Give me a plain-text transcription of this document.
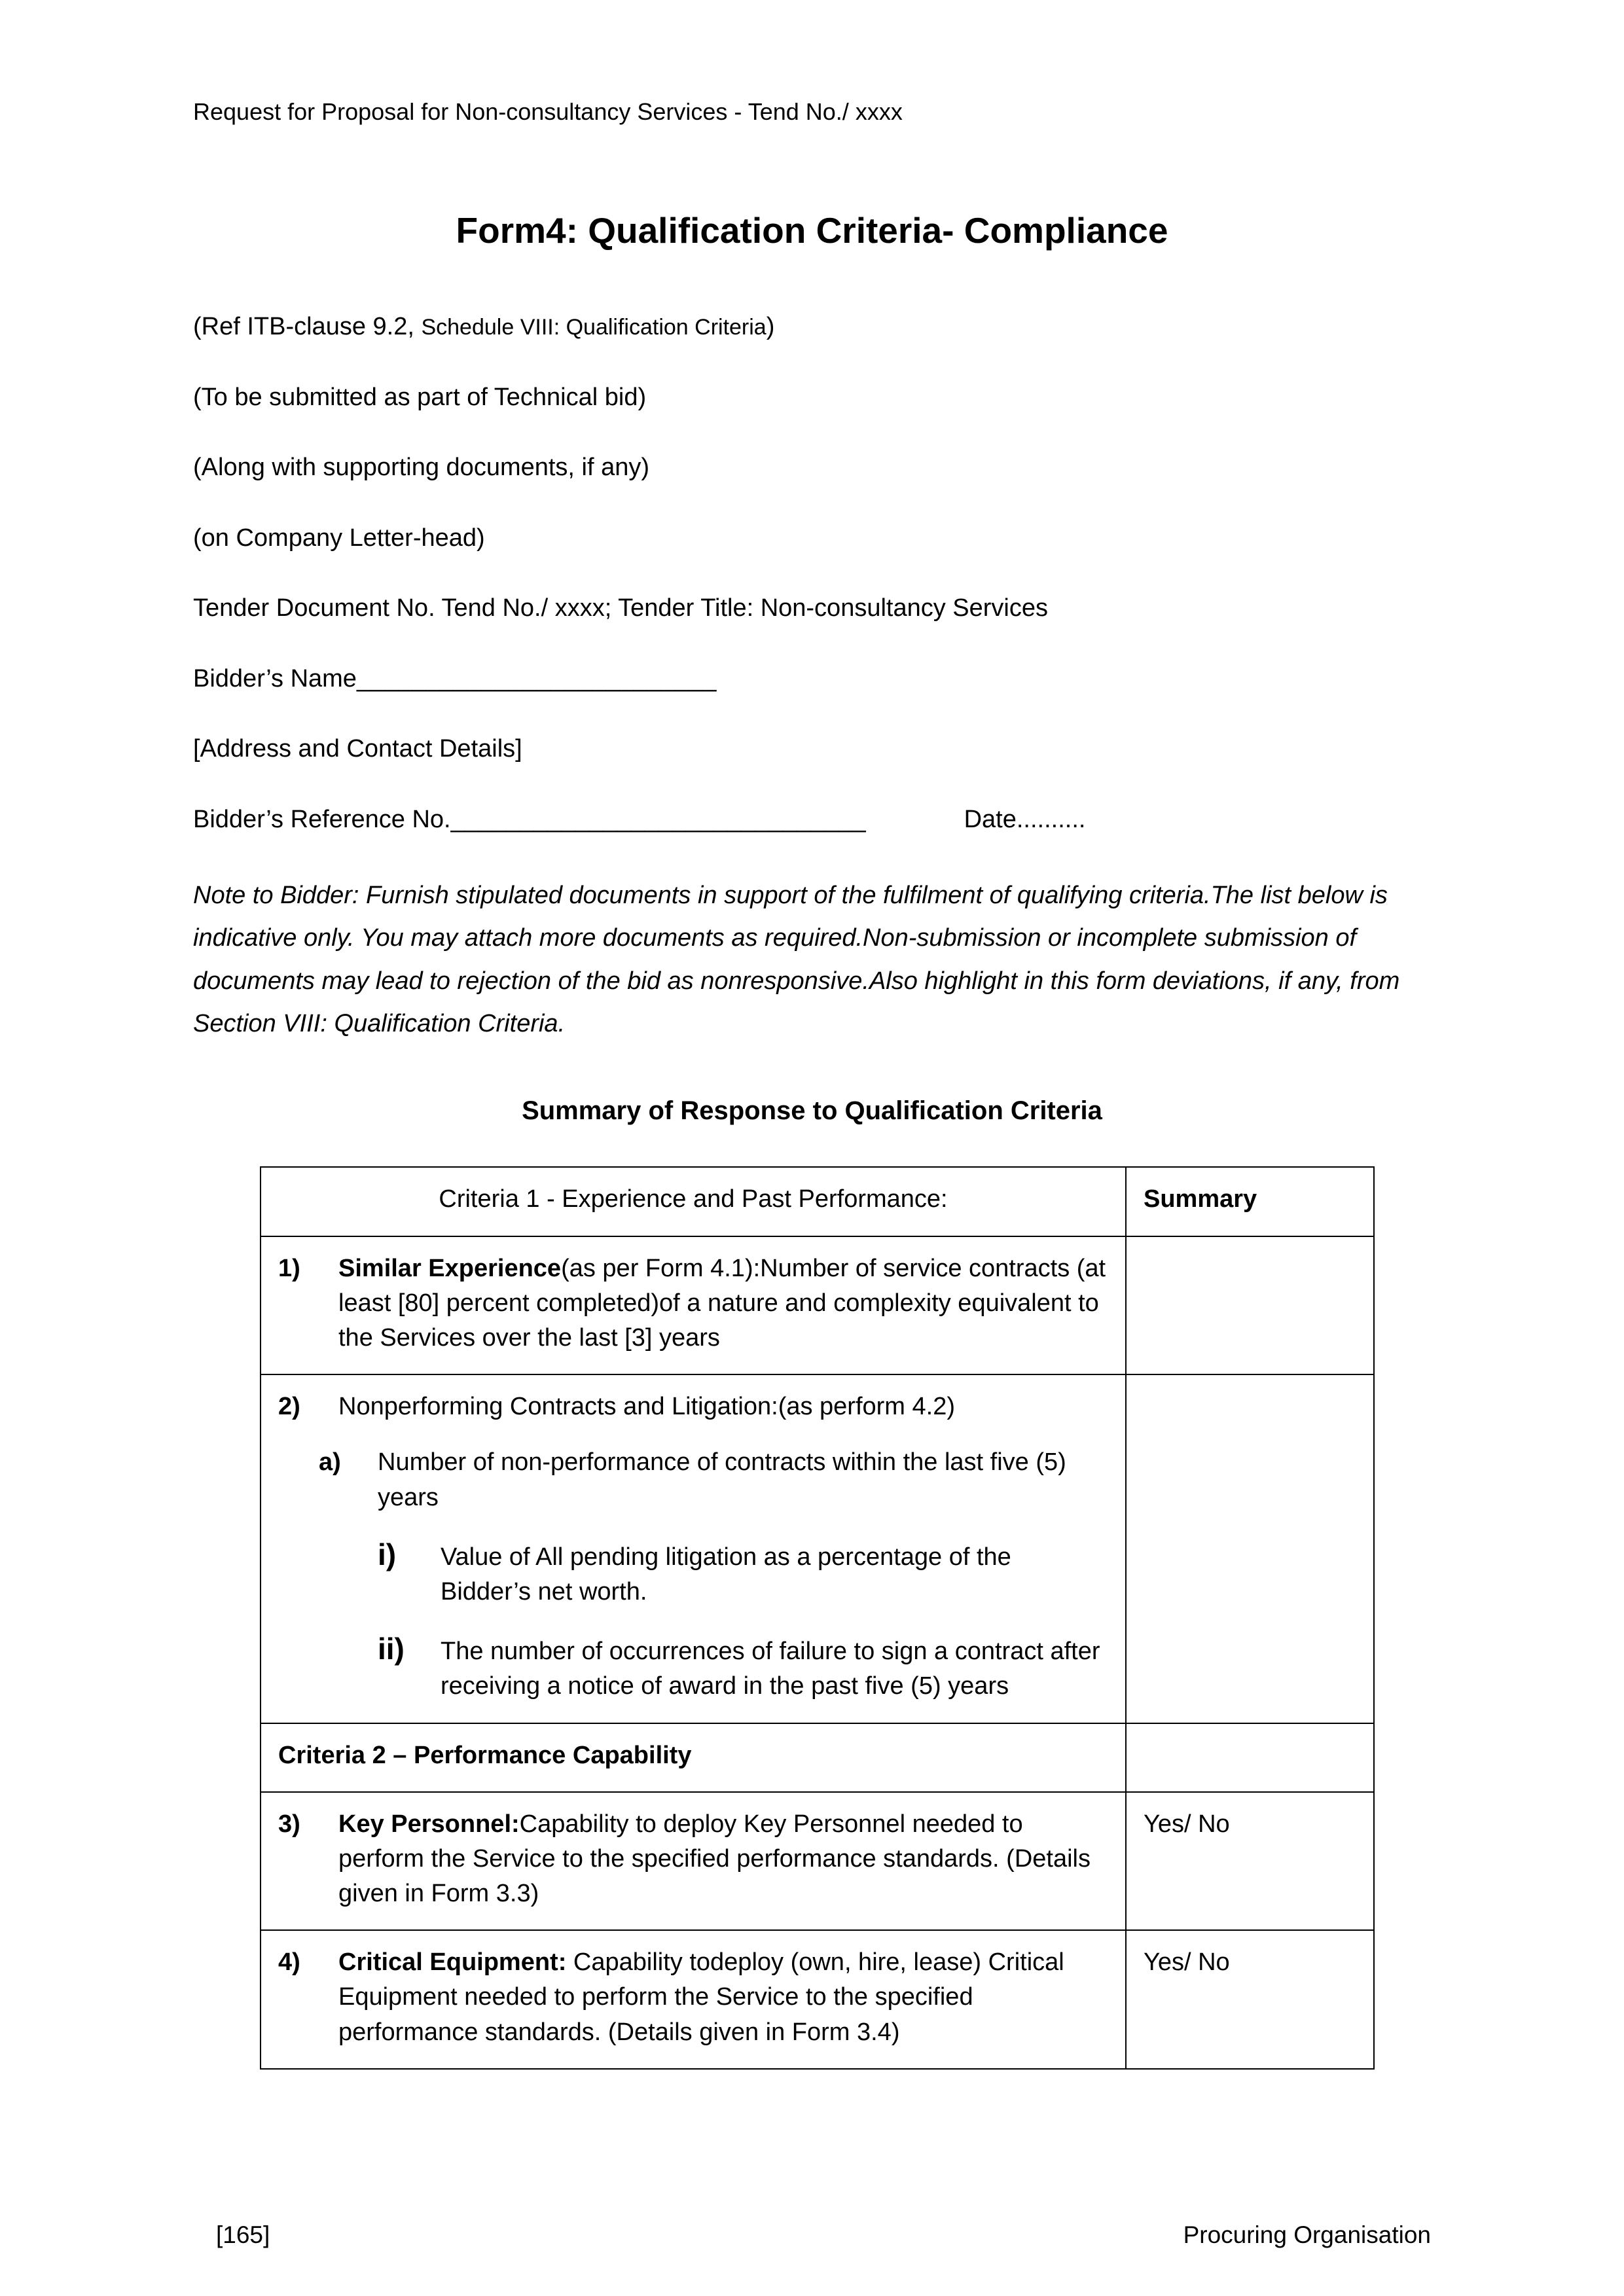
Request for Proposal for Non-consultancy Services - Tend No./ xxxx
Form4: Qualification Criteria- Compliance

(Ref ITB-clause 9.2, Schedule VIII: Qualification Criteria)

(To be submitted as part of Technical bid)

(Along with supporting documents, if any)

(on Company Letter-head)

Tender Document No. Tend No./ xxxx; Tender Title: Non-consultancy Services

Bidder’s Name__________________________

[Address and Contact Details]

Bidder’s Reference No.______________________________	Date..........

Note to Bidder: Furnish stipulated documents in support of the fulfilment of qualifying criteria.The list below is indicative only. You may attach more documents as required.Non-submission or incomplete submission of documents may lead to rejection of the bid as nonresponsive.Also highlight in this form deviations, if any, from Section VIII: Qualification Criteria.

Summary of Response to Qualification Criteria
Criteria 1 - Experience and Past Performance:	Summary

1) Similar Experience(as per Form 4.1):Number of service contracts (at least [80] percent completed)of a nature and complexity equivalent to the Services over the last [3] years	

2)	Nonperforming Contracts and Litigation:(as perform 4.2)
a)	Number of non-performance of contracts within the last five (5) years
i)	Value of All pending litigation as a percentage of the Bidder’s net worth.
ii)	The number of occurrences of failure to sign a contract after receiving a notice of award in the past five (5) years

Criteria 2 – Performance Capability	

3) Key Personnel:Capability to deploy Key Personnel needed to perform the Service to the specified performance standards. (Details given in Form 3.3)	Yes/ No

4) Critical Equipment: Capability todeploy (own, hire, lease) Critical Equipment needed to perform the Service to the specified performance standards. (Details given in Form 3.4)	Yes/ No
[165]	Procuring Organisation
